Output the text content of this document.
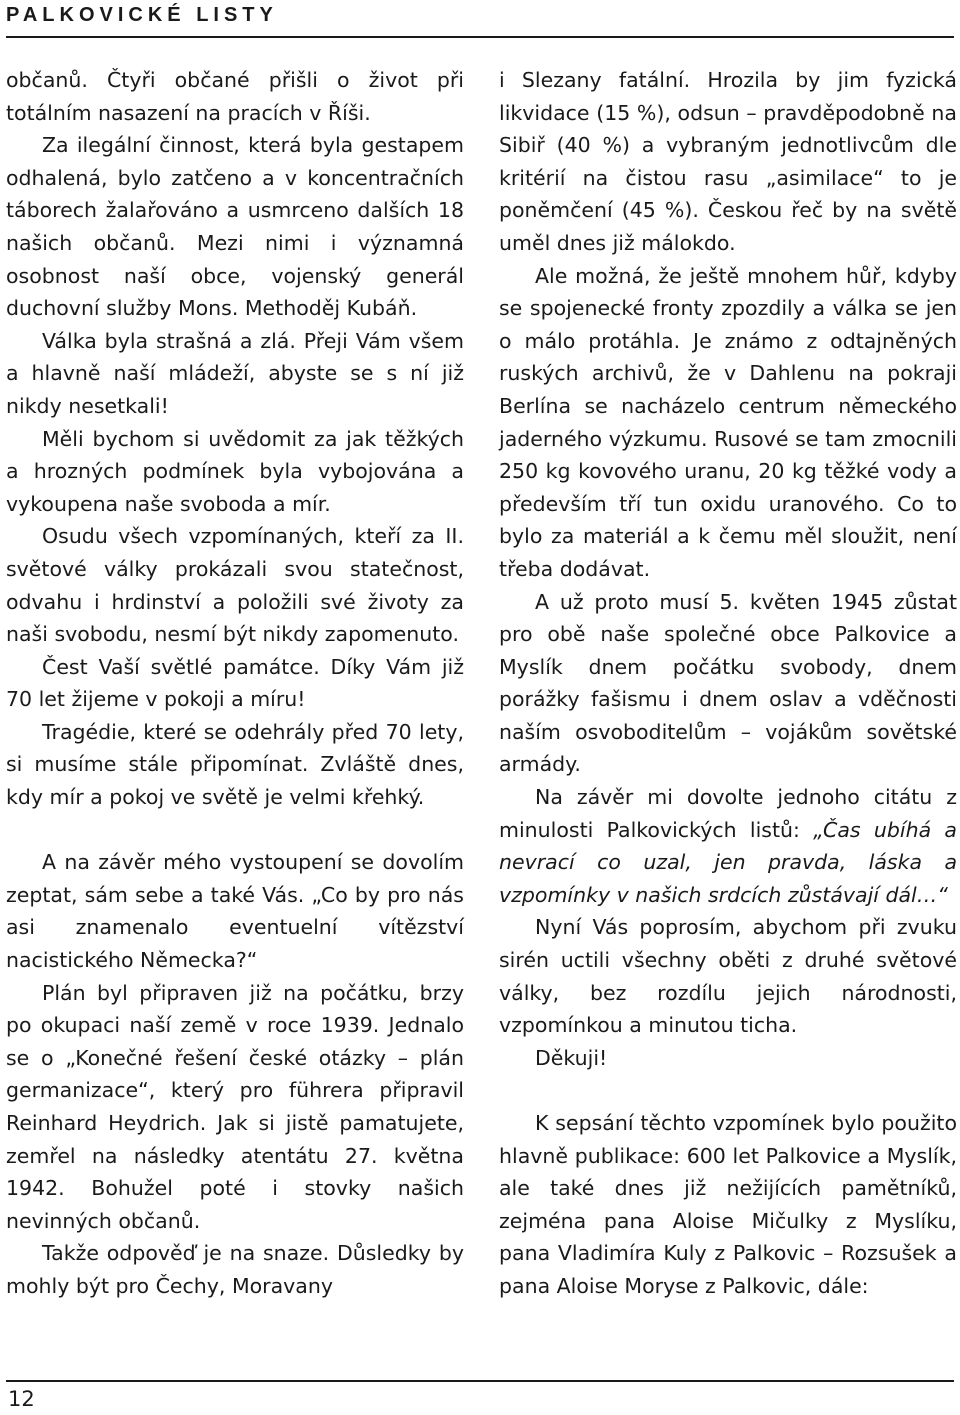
PALKOVICKÉ LISTY

občanů. Čtyři občané přišli o život při totálním nasazení na pracích v Říši.

Za ilegální činnost, která byla gestapem odhalená, bylo zatčeno a v koncentračních táborech žalařováno a usmrceno dalších 18 našich občanů. Mezi nimi i významná osobnost naší obce, vojenský generál duchovní služby Mons. Methoděj Kubáň.

Válka byla strašná a zlá. Přeji Vám všem a hlavně naší mládeží, abyste se s ní již nikdy nesetkali!

Měli bychom si uvědomit za jak těžkých a hrozných podmínek byla vybojována a vykoupena naše svoboda a mír.

Osudu všech vzpomínaných, kteří za II. světové války prokázali svou statečnost, odvahu i hrdinství a položili své životy za naši svobodu, nesmí být nikdy zapomenuto.

Čest Vaší světlé památce. Díky Vám již 70 let žijeme v pokoji a míru!

Tragédie, které se odehrály před 70 lety, si musíme stále připomínat. Zvláště dnes, kdy mír a pokoj ve světě je velmi křehký.

A na závěr mého vystoupení se dovolím zeptat, sám sebe a také Vás. „Co by pro nás asi znamenalo eventuelní vítězství nacistického Německa?“

Plán byl připraven již na počátku, brzy po okupaci naší země v roce 1939. Jednalo se o „Konečné řešení české otázky – plán germanizace“, který pro führera připravil Reinhard Heydrich. Jak si jistě pamatujete, zemřel na následky atentátu 27. května 1942. Bohužel poté i stovky našich nevinných občanů.

Takže odpověď je na snaze. Důsledky by mohly být pro Čechy, Moravany

i Slezany fatální. Hrozila by jim fyzická likvidace (15 %), odsun – pravděpodobně na Sibiř (40 %) a vybraným jednotlivcům dle kritérií na čistou rasu „asimilace“ to je poněmčení (45 %). Českou řeč by na světě uměl dnes již málokdo.

Ale možná, že ještě mnohem hůř, kdyby se spojenecké fronty zpozdily a válka se jen o málo protáhla. Je známo z odtajněných ruských archivů, že v Dahlenu na pokraji Berlína se nacházelo centrum německého jaderného výzkumu. Rusové se tam zmocnili 250 kg kovového uranu, 20 kg těžké vody a především tří tun oxidu uranového. Co to bylo za materiál a k čemu měl sloužit, není třeba dodávat.

A už proto musí 5. květen 1945 zůstat pro obě naše společné obce Palkovice a Myslík dnem počátku svobody, dnem porážky fašismu i dnem oslav a vděčnosti naším osvoboditelům – vojákům sovětské armády.

Na závěr mi dovolte jednoho citátu z minulosti Palkovických listů: „Čas ubíhá a nevrací co uzal, jen pravda, láska a vzpomínky v našich srdcích zůstávají dál…“

Nyní Vás poprosím, abychom při zvuku sirén uctili všechny oběti z druhé světové války, bez rozdílu jejich národnosti, vzpomínkou a minutou ticha.

Děkuji!

K sepsání těchto vzpomínek bylo použito hlavně publikace: 600 let Palkovice a Myslík, ale také dnes již nežijících pamětníků, zejména pana Aloise Mičulky z Myslíku, pana Vladimíra Kuly z Palkovic – Rozsušek a pana Aloise Moryse z Palkovic, dále:

12
